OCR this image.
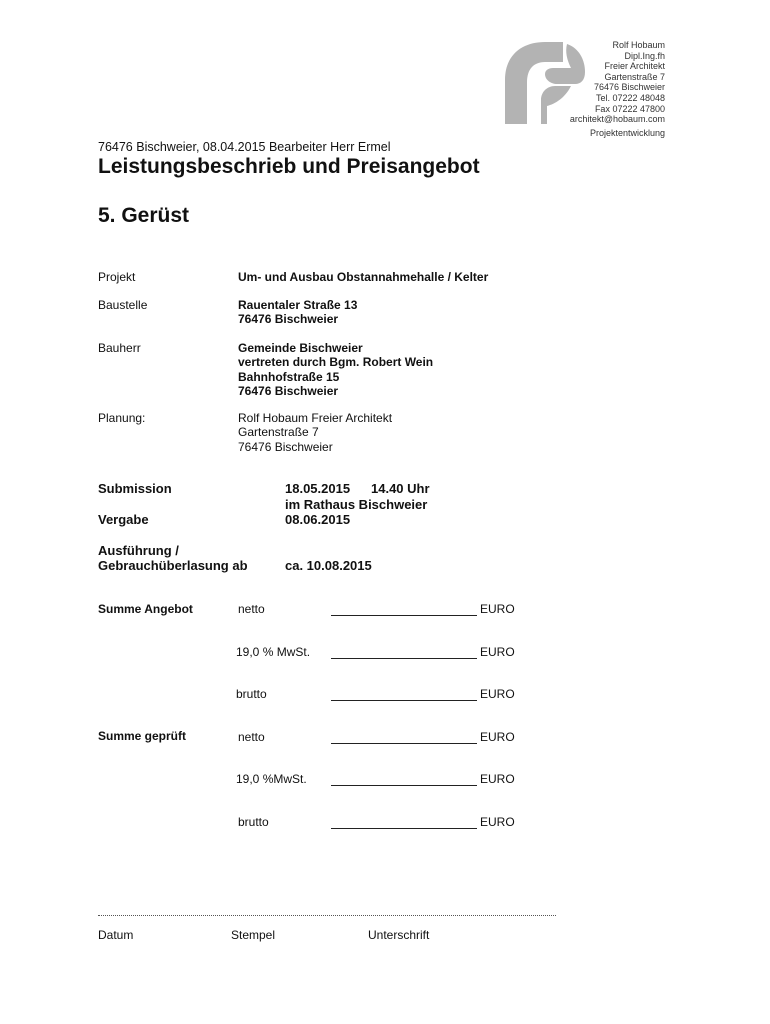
Rolf Hobaum
Dipl.Ing.fh
Freier Architekt
Gartenstraße 7
76476 Bischweier
Tel. 07222 48048
Fax 07222 47800
architekt@hobaum.com
Projektentwicklung
76476 Bischweier, 08.04.2015 Bearbeiter Herr Ermel
Leistungsbeschrieb und Preisangebot
5. Gerüst
Projekt	Um- und Ausbau Obstannahmehalle / Kelter
Baustelle	Rauentaler Straße 13
76476 Bischweier
Bauherr	Gemeinde Bischweier
vertreten durch Bgm. Robert Wein
Bahnhofstraße 15
76476 Bischweier
Planung:	Rolf Hobaum Freier Architekt
Gartenstraße 7
76476 Bischweier
Submission	18.05.2015 14.40 Uhr
im Rathaus Bischweier
Vergabe	08.06.2015
Ausführung /
Gebrauchüberlasung ab	ca. 10.08.2015
Summe Angebot	netto	EURO
19,0 % MwSt.	EURO
brutto	EURO
Summe geprüft	netto	EURO
19,0 %MwSt.	EURO
brutto	EURO
Datum	Stempel	Unterschrift
